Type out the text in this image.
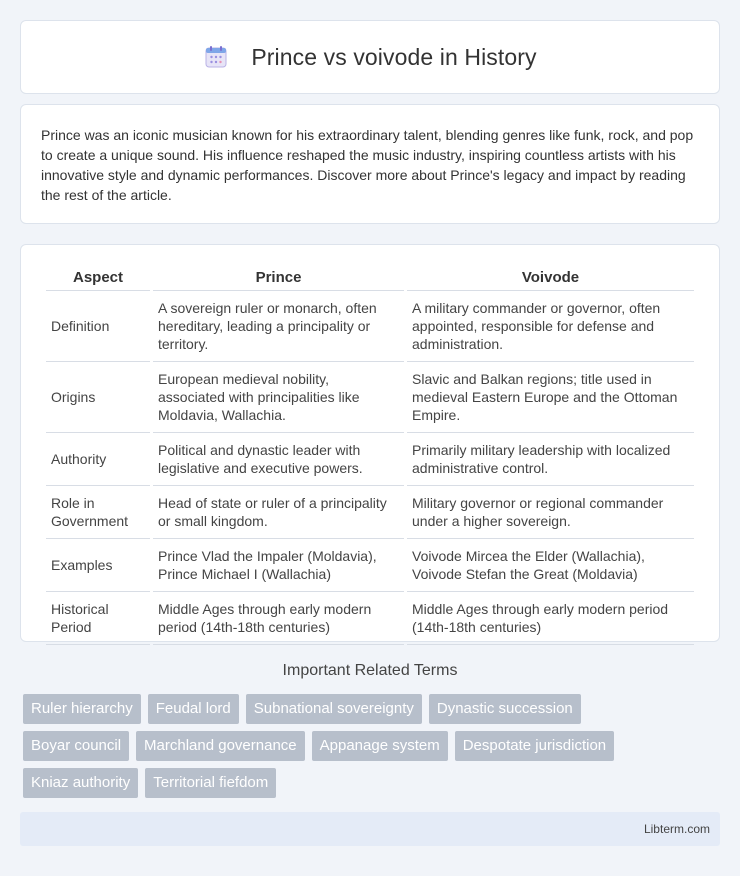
Prince vs voivode in History

Prince was an iconic musician known for his extraordinary talent, blending genres like funk, rock, and pop to create a unique sound. His influence reshaped the music industry, inspiring countless artists with his innovative style and dynamic performances. Discover more about Prince's legacy and impact by reading the rest of the article.

Aspect	Prince	Voivode
Definition	A sovereign ruler or monarch, often hereditary, leading a principality or territory.	A military commander or governor, often appointed, responsible for defense and administration.
Origins	European medieval nobility, associated with principalities like Moldavia, Wallachia.	Slavic and Balkan regions; title used in medieval Eastern Europe and the Ottoman Empire.
Authority	Political and dynastic leader with legislative and executive powers.	Primarily military leadership with localized administrative control.
Role in Government	Head of state or ruler of a principality or small kingdom.	Military governor or regional commander under a higher sovereign.
Examples	Prince Vlad the Impaler (Moldavia), Prince Michael I (Wallachia)	Voivode Mircea the Elder (Wallachia), Voivode Stefan the Great (Moldavia)
Historical Period	Middle Ages through early modern period (14th-18th centuries)	Middle Ages through early modern period (14th-18th centuries)
Important Related Terms
Ruler hierarchy	Feudal lord	Subnational sovereignty	Dynastic succession
Boyar council	Marchland governance	Appanage system	Despotate jurisdiction
Kniaz authority	Territorial fiefdom
Libterm.com
